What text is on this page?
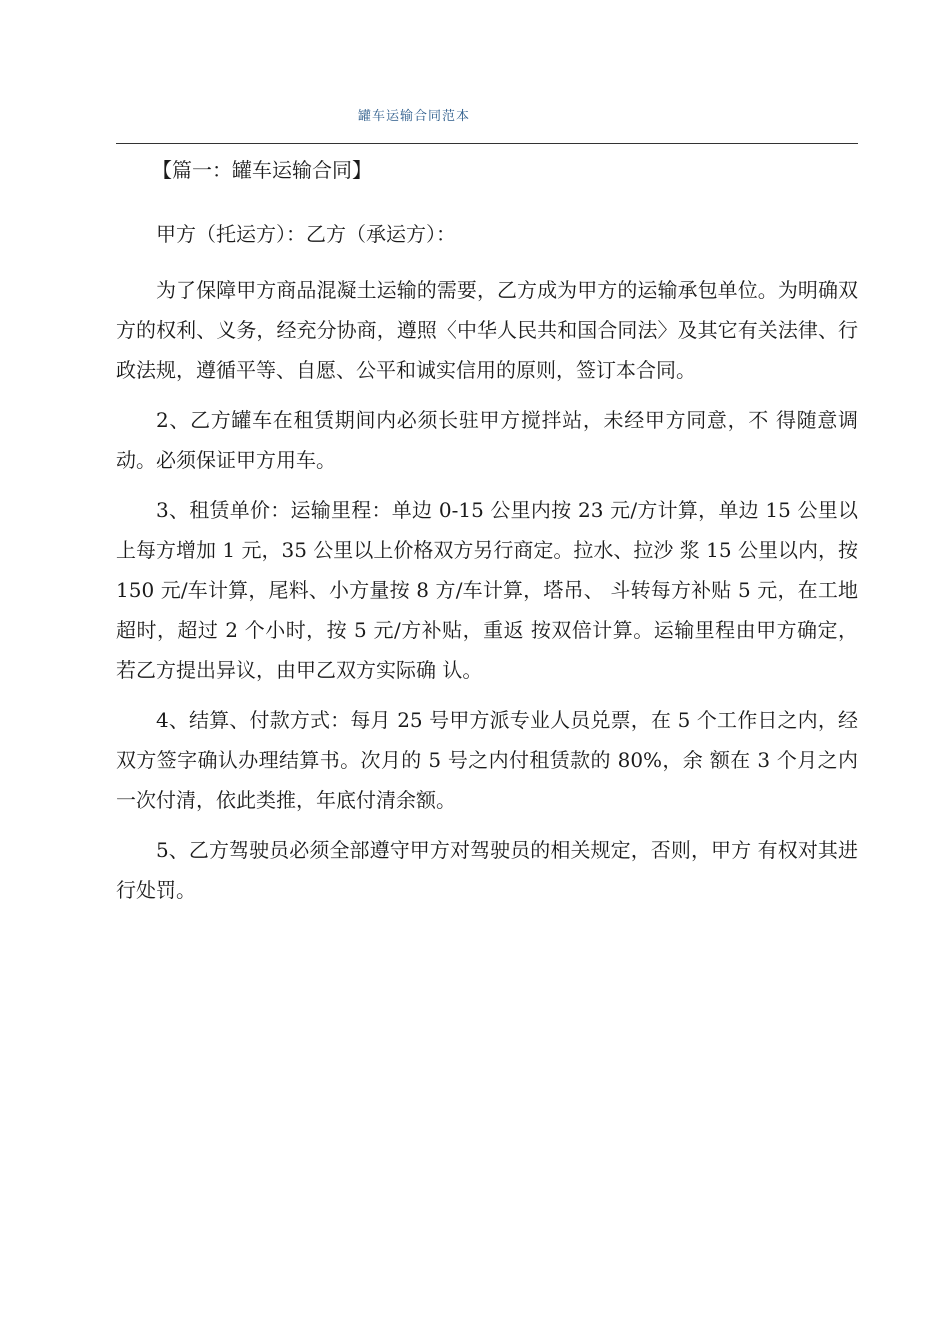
罐车运输合同范本

【篇一：罐车运输合同】

甲方（托运方）：乙方（承运方）：

为了保障甲方商品混凝土运输的需要，乙方成为甲方的运输承包单位。为明确双方的权利、义务，经充分协商，遵照〈中华人民共和国合同法〉及其它有关法律、行政法规，遵循平等、自愿、公平和诚实信用的原则，签订本合同。

2、乙方罐车在租赁期间内必须长驻甲方搅拌站，未经甲方同意，不 得随意调动。必须保证甲方用车。

3、租赁单价：运输里程：单边 0-15 公里内按 23 元/方计算，单边 15 公里以上每方增加 1 元，35 公里以上价格双方另行商定。拉水、拉沙 浆 15 公里以内，按 150 元/车计算，尾料、小方量按 8 方/车计算，塔吊、 斗转每方补贴 5 元，在工地超时，超过 2 个小时，按 5 元/方补贴，重返 按双倍计算。运输里程由甲方确定，若乙方提出异议，由甲乙双方实际确 认。

4、结算、付款方式：每月 25 号甲方派专业人员兑票，在 5 个工作日之内，经双方签字确认办理结算书。次月的 5 号之内付租赁款的 80%，余 额在 3 个月之内一次付清，依此类推，年底付清余额。

5、乙方驾驶员必须全部遵守甲方对驾驶员的相关规定，否则，甲方 有权对其进行处罚。
